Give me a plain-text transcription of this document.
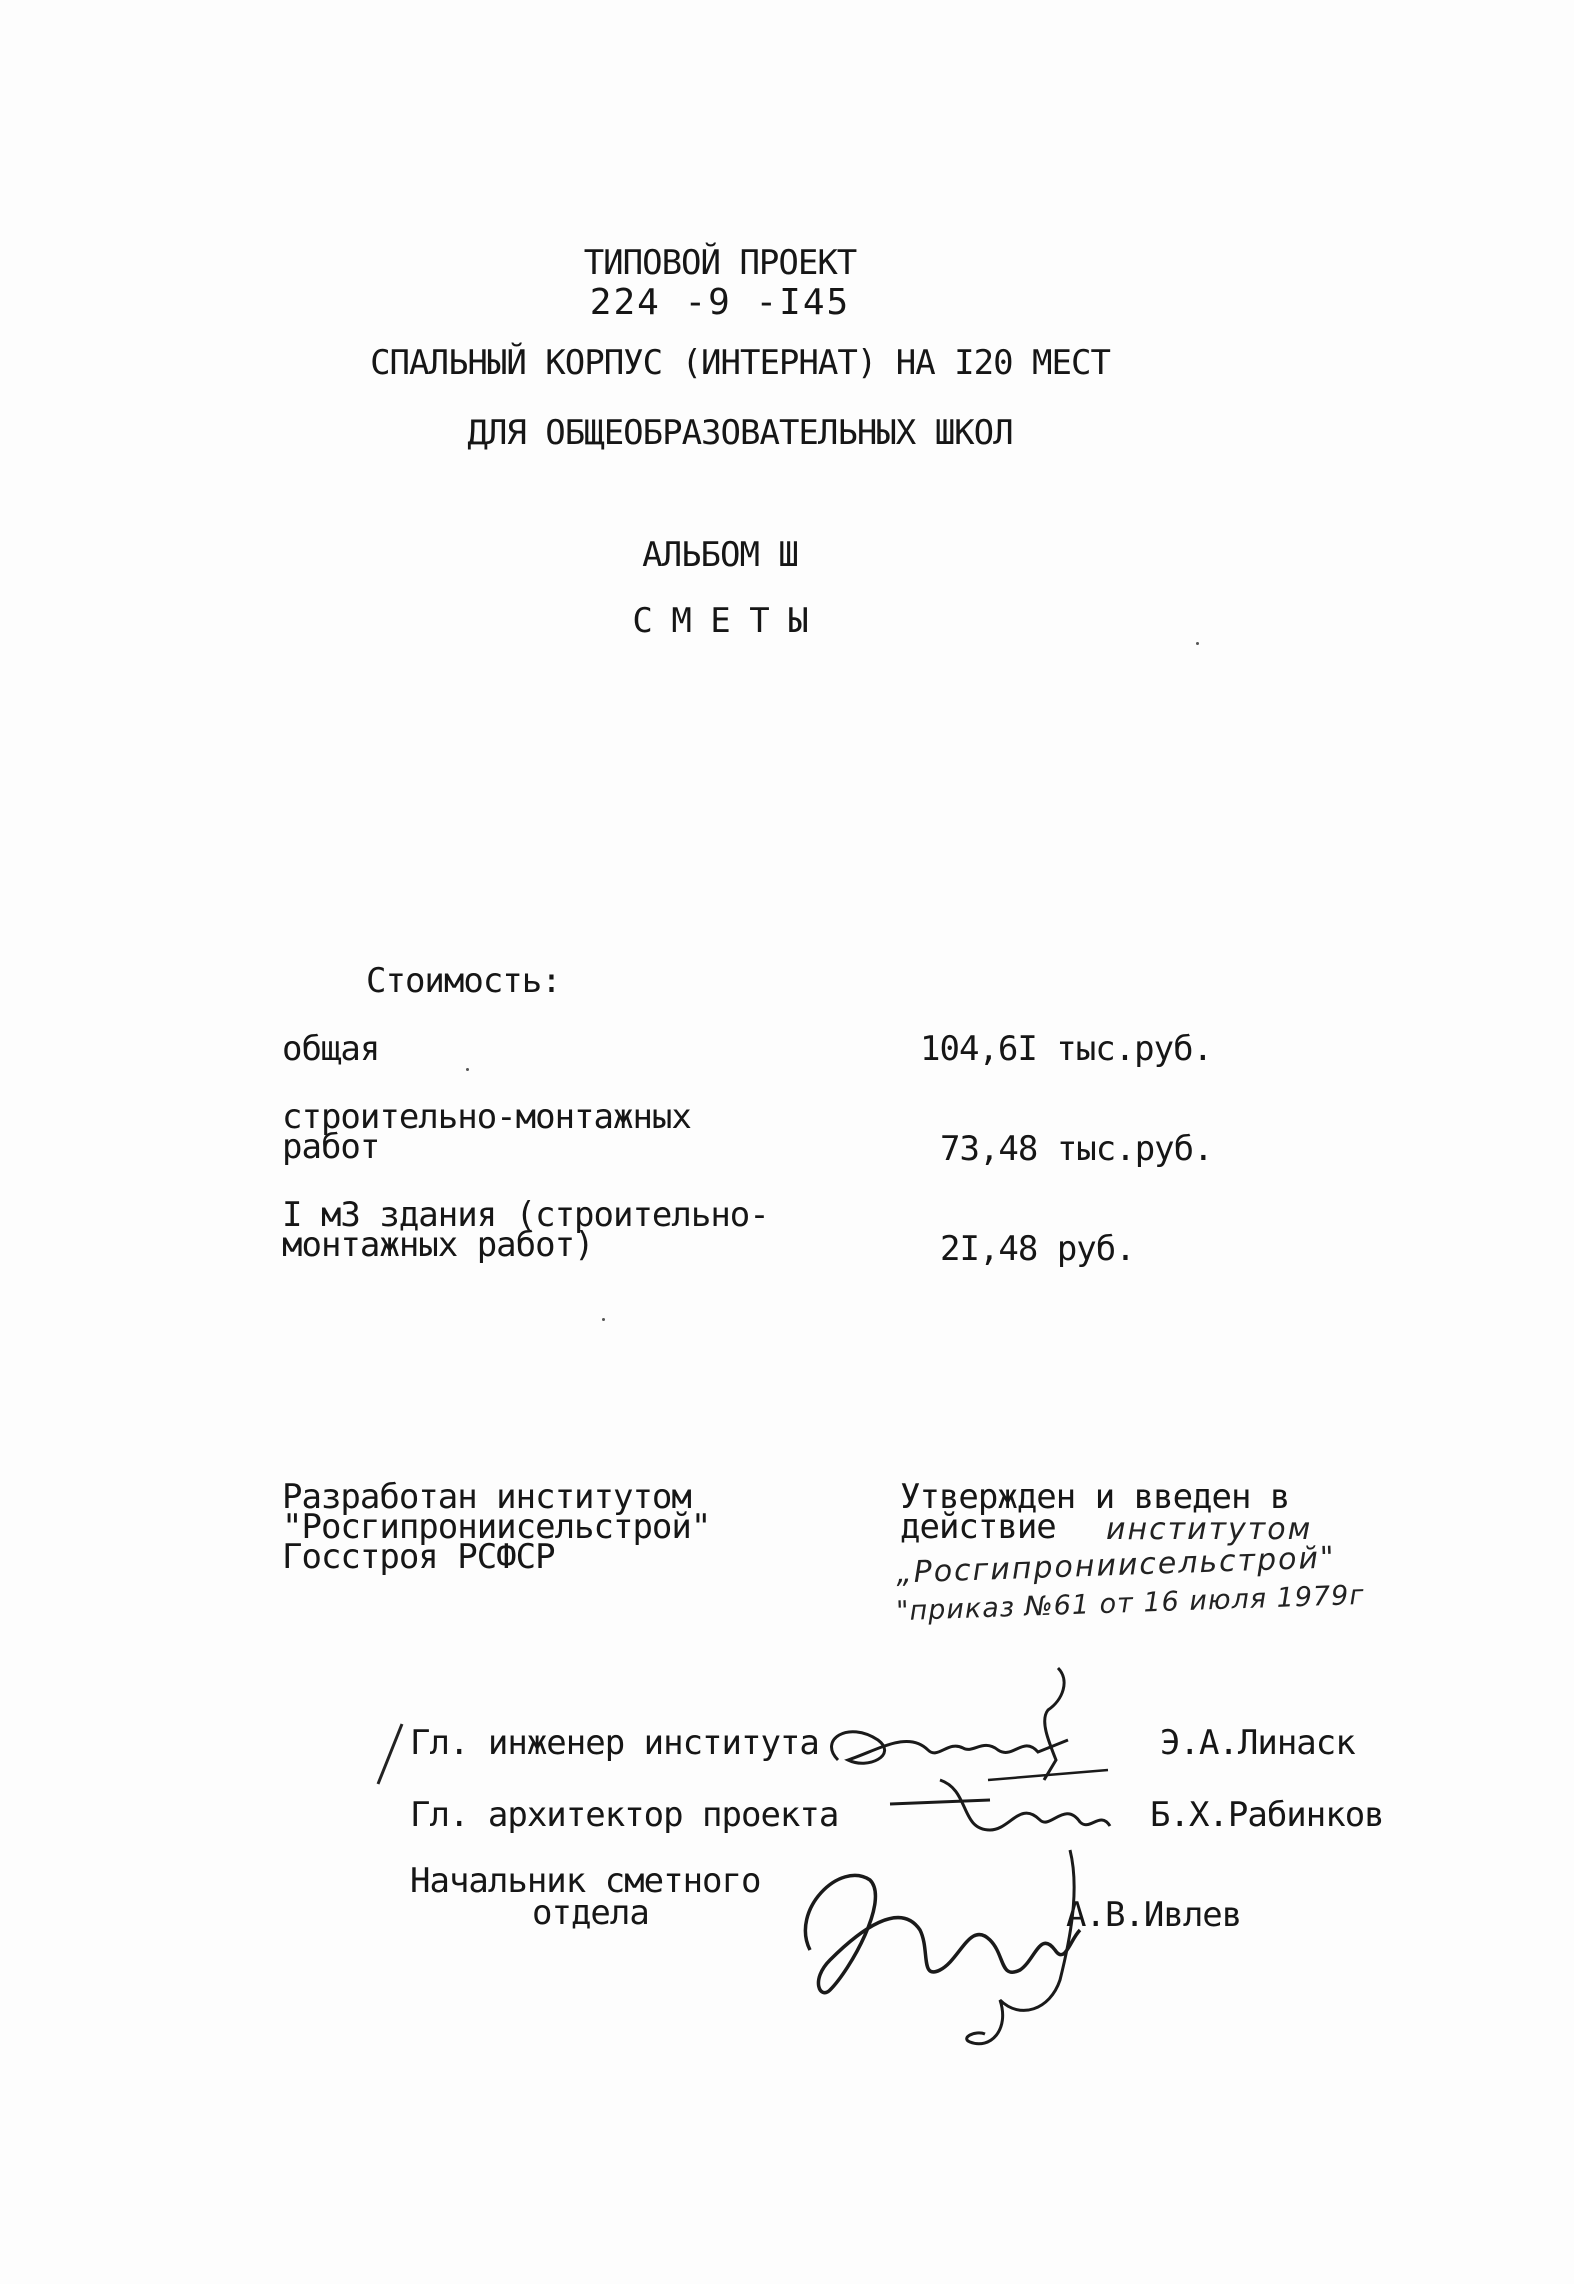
ТИПОВОЙ ПРОЕКТ
224 -9 -I45
СПАЛЬНЫЙ КОРПУС (ИНТЕРНАТ) НА I20 МЕСТ
ДЛЯ ОБЩЕОБРАЗОВАТЕЛЬНЫХ ШКОЛ
АЛЬБОМ Ш
С М Е Т Ы
Стоимость:
общая	104,6I тыс.руб.
строительно-монтажных
работ	73,48 тыс.руб.
I м3 здания (строительно-
монтажных работ)	2I,48 руб.
Разработан институтом
"Росгипрониисельстрой"
Госстроя РСФСР
Утвержден и введен в
действие институтом
„Росгипрониисельстрой"
"приказ №61 от 16 июля 1979г
Гл. инженер института	Э.А.Линаск
Гл. архитектор проекта	Б.Х.Рабинков
Начальник сметного
отдела	А.В.Ивлев
